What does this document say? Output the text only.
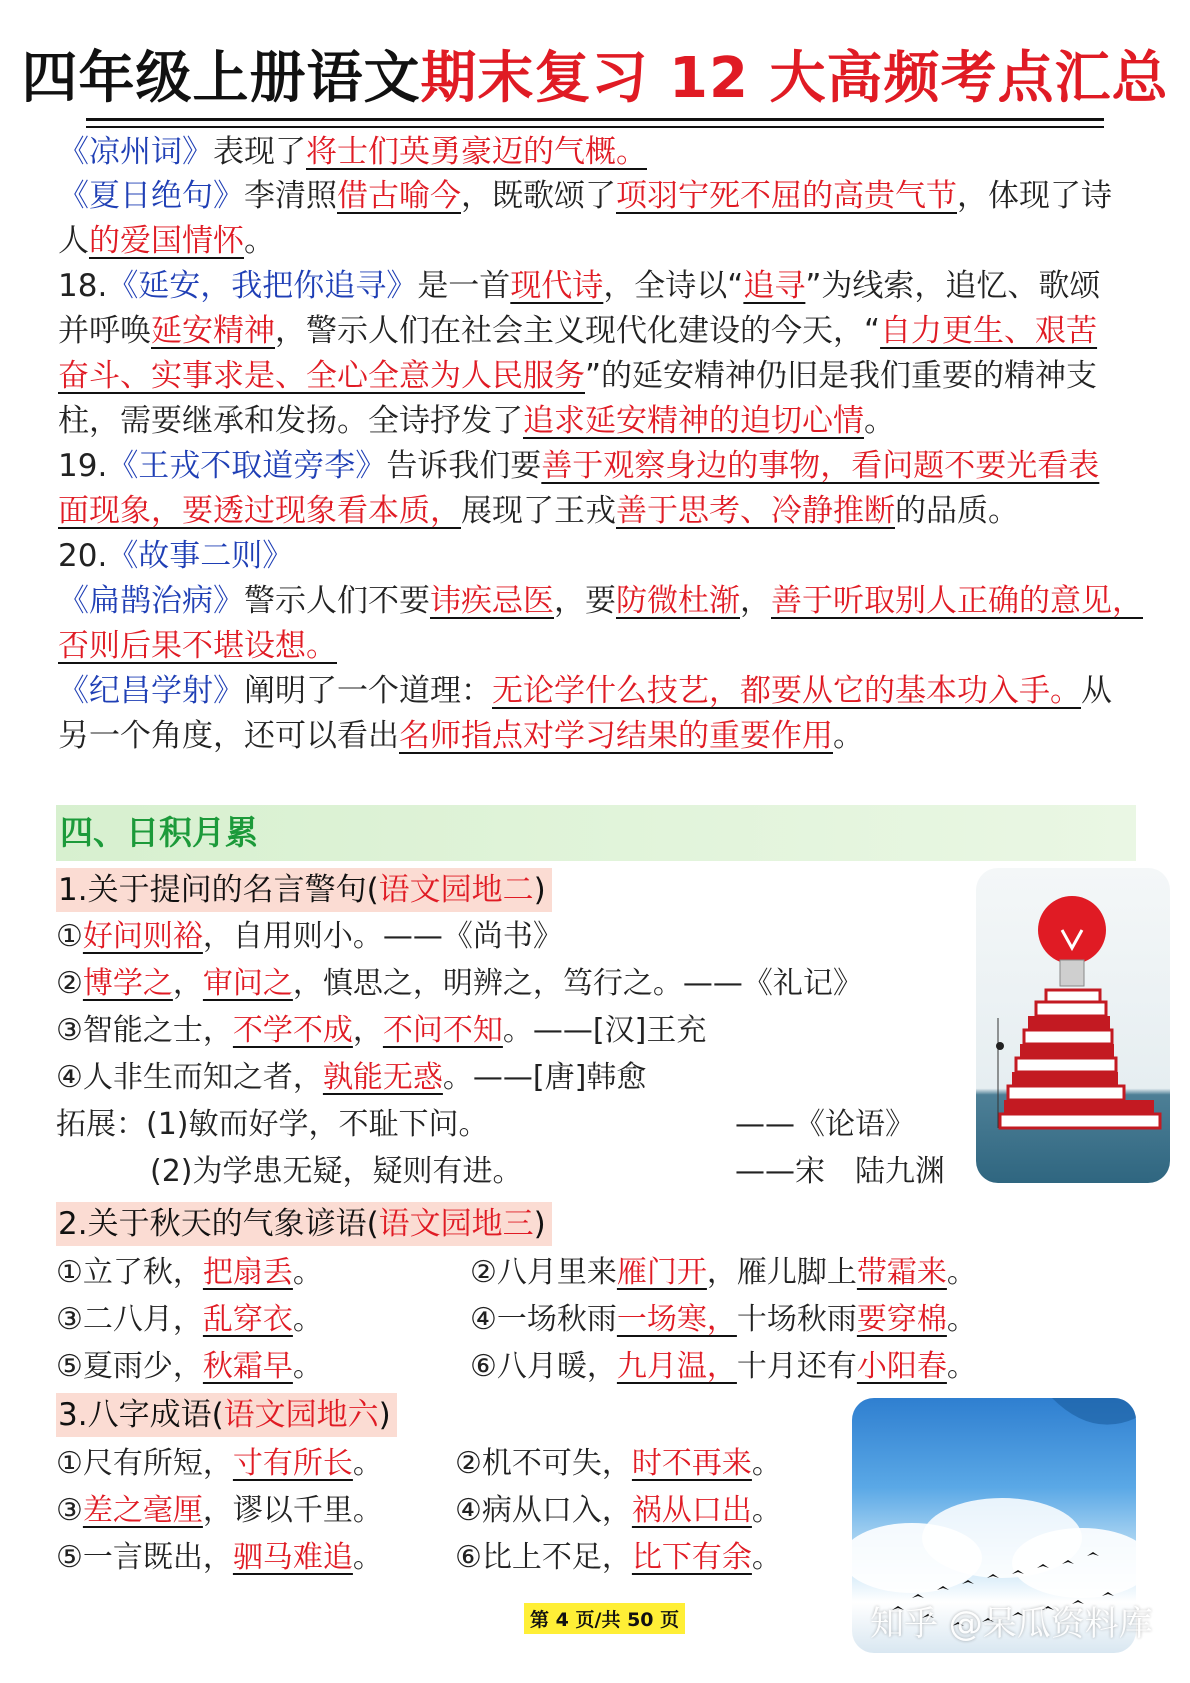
四年级上册语文期末复习 12 大高频考点汇总
《凉州词》表现了将士们英勇豪迈的气概。
《夏日绝句》李清照借古喻今，既歌颂了项羽宁死不屈的高贵气节，体现了诗
人的爱国情怀。
18.《延安，我把你追寻》是一首现代诗，全诗以“追寻”为线索，追忆、歌颂
并呼唤延安精神，警示人们在社会主义现代化建设的今天，“自力更生、艰苦
奋斗、实事求是、全心全意为人民服务”的延安精神仍旧是我们重要的精神支
柱，需要继承和发扬。全诗抒发了追求延安精神的迫切心情。
19.《王戎不取道旁李》告诉我们要善于观察身边的事物，看问题不要光看表
面现象，要透过现象看本质，展现了王戎善于思考、冷静推断的品质。
20.《故事二则》
《扁鹊治病》警示人们不要讳疾忌医，要防微杜渐，善于听取别人正确的意见，
否则后果不堪设想。
《纪昌学射》阐明了一个道理：无论学什么技艺，都要从它的基本功入手。从
另一个角度，还可以看出名师指点对学习结果的重要作用。
四、日积月累
1.关于提问的名言警句(语文园地二)
①好问则裕，自用则小。——《尚书》
②博学之，审问之，慎思之，明辨之，笃行之。——《礼记》
③智能之士，不学不成，不问不知。——[汉]王充
④人非生而知之者，孰能无惑。——[唐]韩愈
拓展：(1)敏而好学，不耻下问。	——《论语》
(2)为学患无疑，疑则有进。	——宋　陆九渊
2.关于秋天的气象谚语(语文园地三)
①立了秋，把扇丢。	②八月里来雁门开，雁儿脚上带霜来。
③二八月，乱穿衣。	④一场秋雨一场寒，十场秋雨要穿棉。
⑤夏雨少，秋霜早。	⑥八月暖，九月温，十月还有小阳春。
3.八字成语(语文园地六)
①尺有所短，寸有所长。 ②机不可失，时不再来。
③差之毫厘，谬以千里。 ④病从口入，祸从口出。
⑤一言既出，驷马难追。 ⑥比上不足，比下有余。
第 4 页/共 50 页	知乎 @呆瓜资料库
